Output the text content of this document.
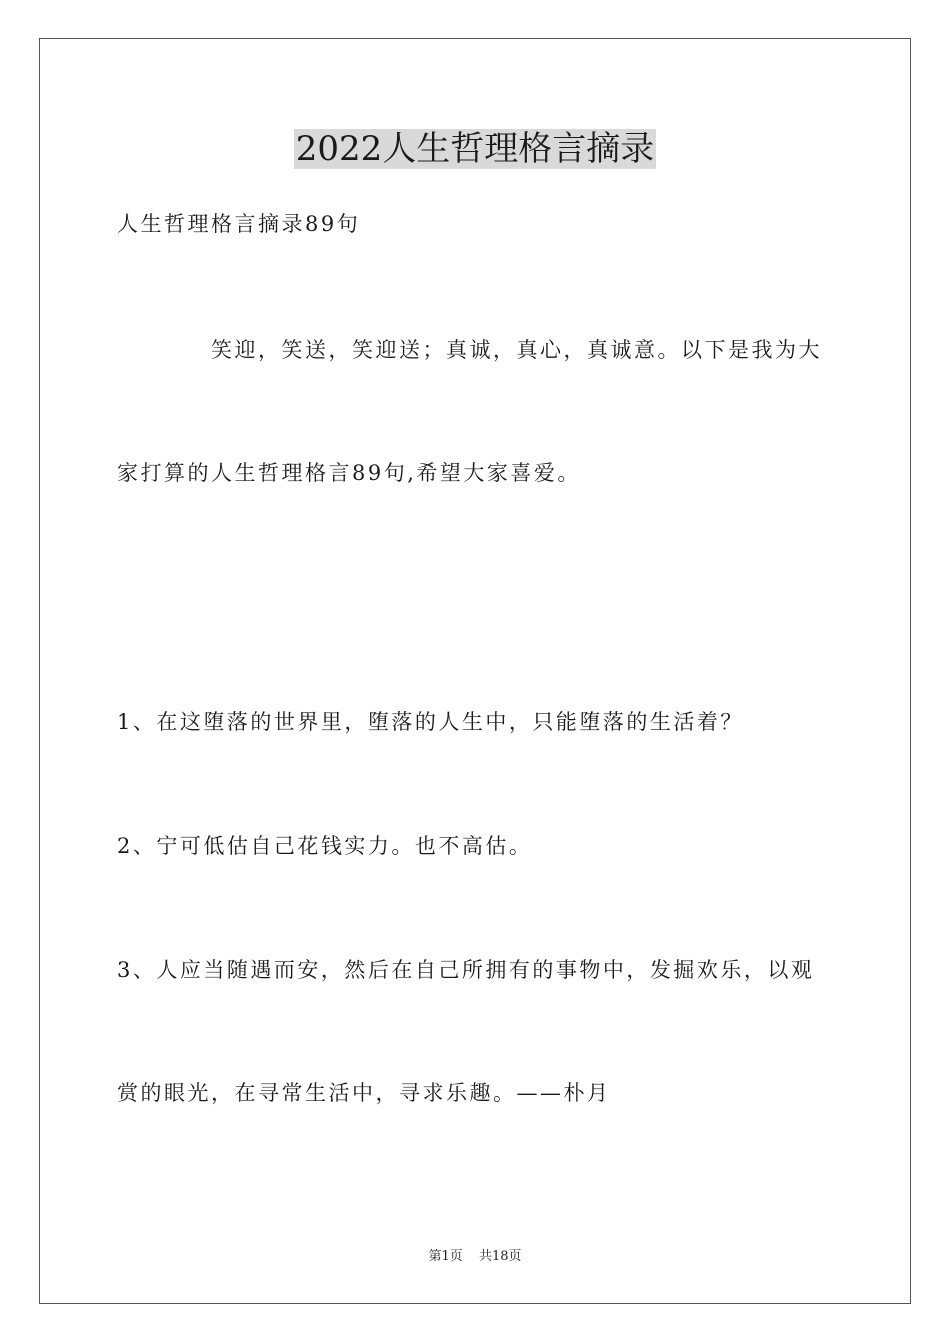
2022人生哲理格言摘录
人生哲理格言摘录89句
笑迎，笑送，笑迎送；真诚，真心，真诚意。以下是我为大
家打算的人生哲理格言89句,希望大家喜爱。
1、在这堕落的世界里，堕落的人生中，只能堕落的生活着？
2、宁可低估自己花钱实力。也不高估。
3、人应当随遇而安，然后在自己所拥有的事物中，发掘欢乐，以观
赏的眼光，在寻常生活中，寻求乐趣。——朴月
第1页 共18页
